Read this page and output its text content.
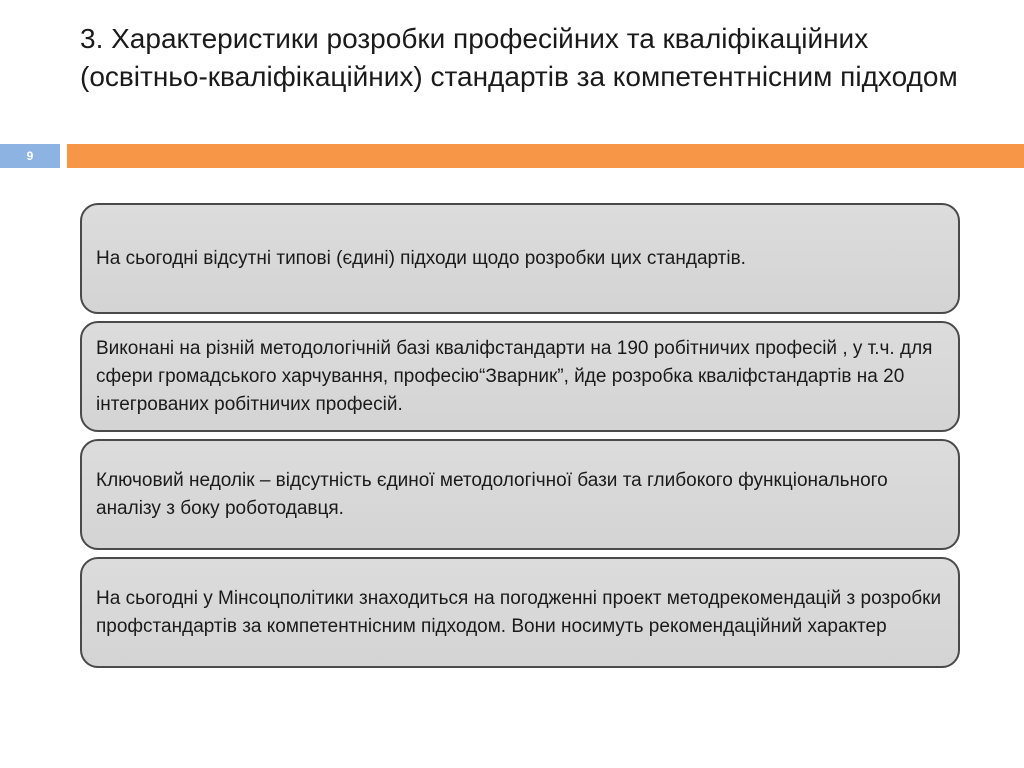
3. Характеристики розробки професійних та кваліфікаційних (освітньо-кваліфікаційних) стандартів за компетентнісним підходом
9
На сьогодні відсутні типові (єдині) підходи щодо розробки цих стандартів.
Виконані на різній методологічній базі кваліфстандарти на 190 робітничих професій , у т.ч. для сфери громадського харчування, професію“Зварник”, йде розробка кваліфстандартів на 20 інтегрованих робітничих професій.
Ключовий недолік – відсутність єдиної методологічної бази та глибокого функціонального аналізу з боку роботодавця.
На сьогодні у Мінсоцполітики знаходиться на погодженні проект методрекомендацій з розробки профстандартів за компетентнісним підходом. Вони носимуть рекомендаційний характер
